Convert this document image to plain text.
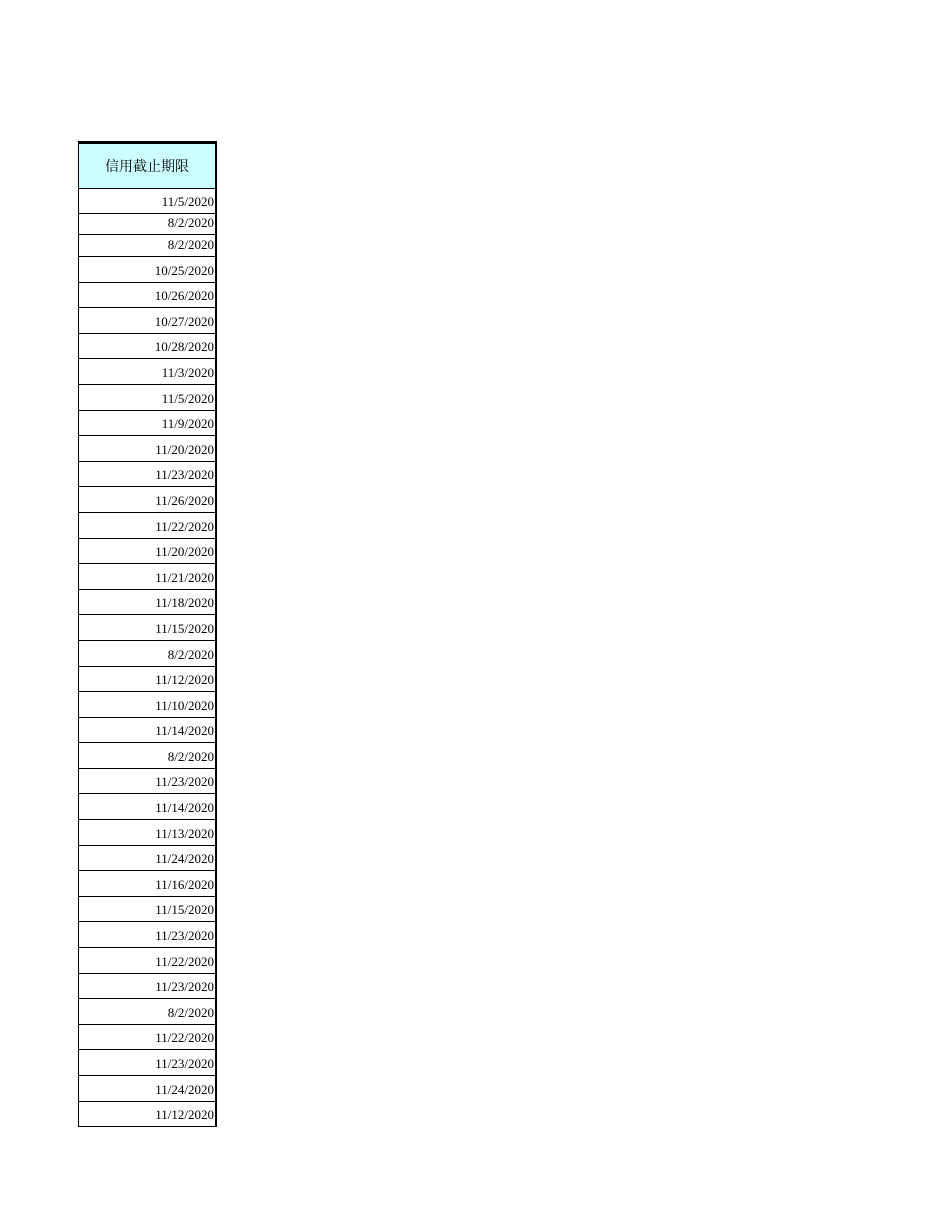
信用截止期限
11/5/2020
8/2/2020
8/2/2020
10/25/2020
10/26/2020
10/27/2020
10/28/2020
11/3/2020
11/5/2020
11/9/2020
11/20/2020
11/23/2020
11/26/2020
11/22/2020
11/20/2020
11/21/2020
11/18/2020
11/15/2020
8/2/2020
11/12/2020
11/10/2020
11/14/2020
8/2/2020
11/23/2020
11/14/2020
11/13/2020
11/24/2020
11/16/2020
11/15/2020
11/23/2020
11/22/2020
11/23/2020
8/2/2020
11/22/2020
11/23/2020
11/24/2020
11/12/2020
